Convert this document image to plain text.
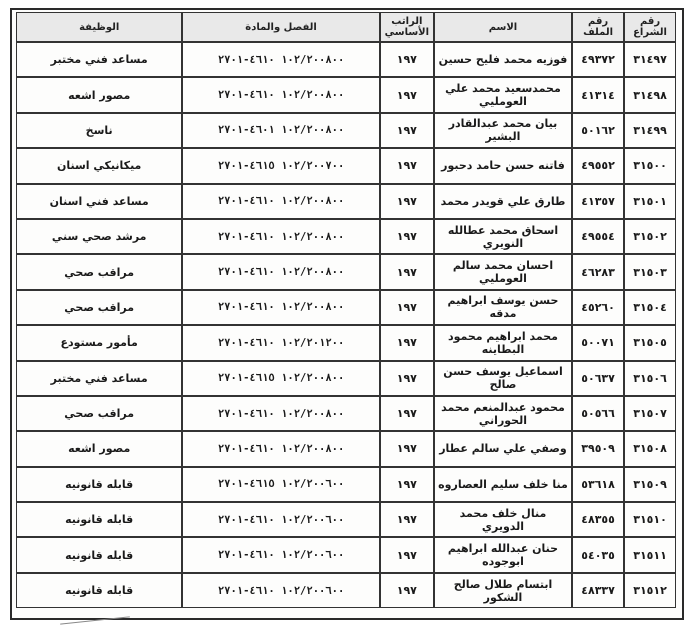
رقم الشراع	رقم الملف	الاسم	الراتب الأساسي	الفصل والمادة	الوظيفة
٣١٤٩٧	٤٩٣٧٢	فوزيه محمد فليح حسين	١٩٧	١٠٢/٢٠٠٨٠٠ ٤٦١٠-٢٧٠١	مساعد فني مختبر
٣١٤٩٨	٤١٣١٤	محمدسعيد محمد علي العومليي	١٩٧	١٠٢/٢٠٠٨٠٠ ٤٦١٠-٢٧٠١	مصور اشعه
٣١٤٩٩	٥٠١٦٢	بيان محمد عبدالقادر البشير	١٩٧	١٠٢/٢٠٠٨٠٠ ٤٦٠١-٢٧٠١	ناسخ
٣١٥٠٠	٤٩٥٥٢	فاتنه حسن حامد دحبور	١٩٧	١٠٢/٢٠٠٧٠٠ ٤٦١٥-٢٧٠١	ميكانيكي اسنان
٣١٥٠١	٤١٣٥٧	طارق علي قويدر محمد	١٩٧	١٠٢/٢٠٠٨٠٠ ٤٦١٠-٢٧٠١	مساعد فني اسنان
٣١٥٠٢	٤٩٥٥٤	اسحاق محمد عطالله النويري	١٩٧	١٠٢/٢٠٠٨٠٠ ٤٦١٠-٢٧٠١	مرشد صحي سني
٣١٥٠٣	٤٦٢٨٣	احسان محمد سالم العومليي	١٩٧	١٠٢/٢٠٠٨٠٠ ٤٦١٠-٢٧٠١	مراقب صحي
٣١٥٠٤	٤٥٢٦٠	حسن يوسف ابراهيم مدقه	١٩٧	١٠٢/٢٠٠٨٠٠ ٤٦١٠-٢٧٠١	مراقب صحي
٣١٥٠٥	٥٠٠٧١	محمد ابراهيم محمود البطاينه	١٩٧	١٠٢/٢٠١٢٠٠ ٤٦١٠-٢٧٠١	مأمور مستودع
٣١٥٠٦	٥٠٦٣٧	اسماعيل يوسف حسن صالح	١٩٧	١٠٢/٢٠٠٨٠٠ ٤٦١٥-٢٧٠١	مساعد فني مختبر
٣١٥٠٧	٥٠٥٦٦	محمود عبدالمنعم محمد الحوراني	١٩٧	١٠٢/٢٠٠٨٠٠ ٤٦١٠-٢٧٠١	مراقب صحي
٣١٥٠٨	٣٩٥٠٩	وصفي علي سالم عطار	١٩٧	١٠٢/٢٠٠٨٠٠ ٤٦١٠-٢٧٠١	مصور اشعه
٣١٥٠٩	٥٣٦١٨	منا خلف سليم العصاروه	١٩٧	١٠٢/٢٠٠٦٠٠ ٤٦١٥-٢٧٠١	قابله قانونيه
٣١٥١٠	٤٨٣٥٥	منال خلف محمد الدويري	١٩٧	١٠٢/٢٠٠٦٠٠ ٤٦١٠-٢٧٠١	قابله قانونيه
٣١٥١١	٥٤٠٣٥	حنان عبدالله ابراهيم ابوجوده	١٩٧	١٠٢/٢٠٠٦٠٠ ٤٦١٠-٢٧٠١	قابله قانونيه
٣١٥١٢	٤٨٣٣٧	ابتسام طلال صالح الشكور	١٩٧	١٠٢/٢٠٠٦٠٠ ٤٦١٠-٢٧٠١	قابله قانونيه
